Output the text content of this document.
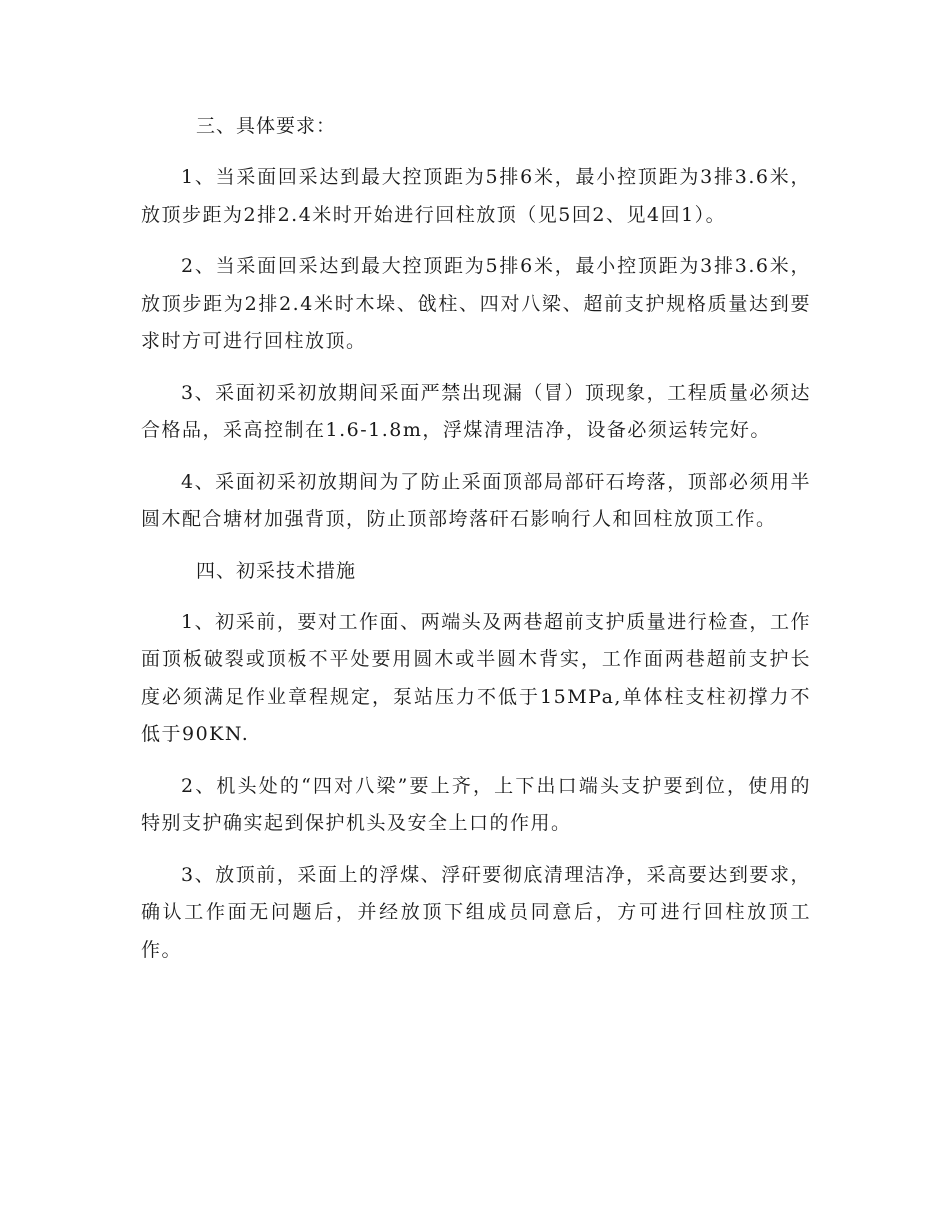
三、具体要求：

1、当采面回采达到最大控顶距为5排6米，最小控顶距为3排3.6米，放顶步距为2排2.4米时开始进行回柱放顶（见5回2、见4回1）。

2、当采面回采达到最大控顶距为5排6米，最小控顶距为3排3.6米，放顶步距为2排2.4米时木垛、戗柱、四对八梁、超前支护规格质量达到要求时方可进行回柱放顶。

3、采面初采初放期间采面严禁出现漏（冒）顶现象，工程质量必须达合格品，采高控制在1.6-1.8m，浮煤清理洁净，设备必须运转完好。

4、采面初采初放期间为了防止采面顶部局部矸石垮落，顶部必须用半圆木配合塘材加强背顶，防止顶部垮落矸石影响行人和回柱放顶工作。

四、初采技术措施

1、初采前，要对工作面、两端头及两巷超前支护质量进行检查，工作面顶板破裂或顶板不平处要用圆木或半圆木背实，工作面两巷超前支护长度必须满足作业章程规定，泵站压力不低于15MPa,单体柱支柱初撑力不低于90KN.

2、机头处的“四对八梁”要上齐，上下出口端头支护要到位，使用的特别支护确实起到保护机头及安全上口的作用。

3、放顶前，采面上的浮煤、浮矸要彻底清理洁净，采高要达到要求，确认工作面无问题后，并经放顶下组成员同意后，方可进行回柱放顶工作。
